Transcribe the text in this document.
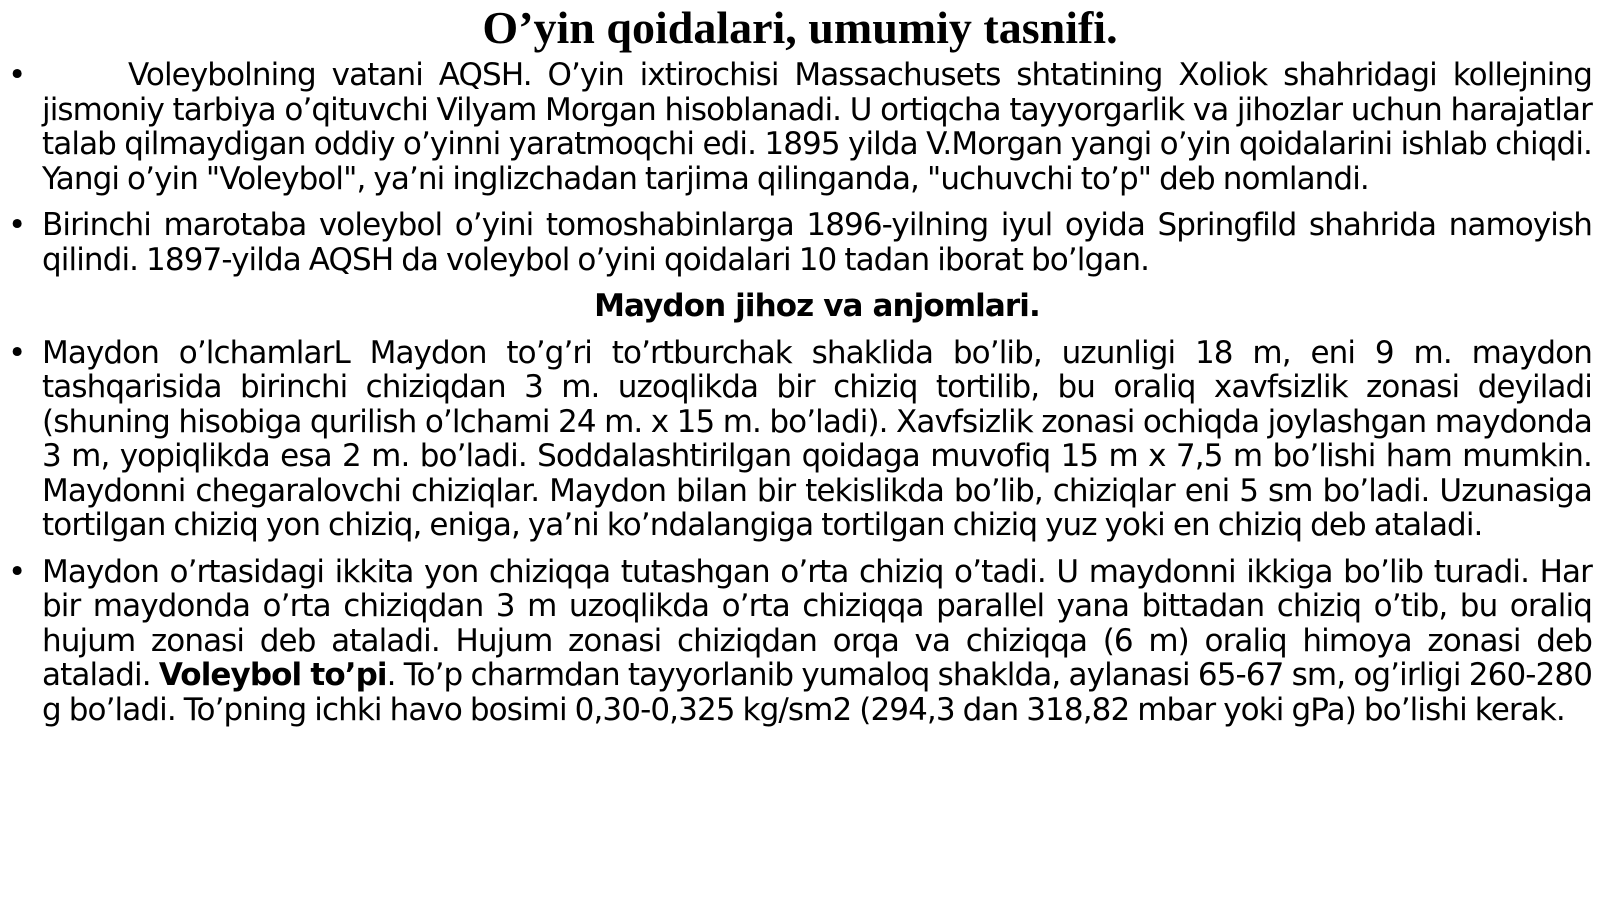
O’yin qoidalari, umumiy tasnifi.

•	Voleybolning vatani AQSH. O’yin ixtirochisi Massachusets shtatining Xoliok shahridagi kollejning jismoniy tarbiya o’qituvchi Vilyam Morgan hisoblanadi. U ortiqcha tayyorgarlik va jihozlar uchun harajatlar talab qilmaydigan oddiy o’yinni yaratmoqchi edi. 1895 yilda V.Morgan yangi o’yin qoidalarini ishlab chiqdi. Yangi o’yin "Voleybol", ya’ni inglizchadan tarjima qilinganda, "uchuvchi to’p" deb nomlandi.

• Birinchi marotaba voleybol o’yini tomoshabinlarga 1896-yilning iyul oyida Springfild shahrida namoyish qilindi. 1897-yilda AQSH da voleybol o’yini qoidalari 10 tadan iborat bo’lgan.

Maydon jihoz va anjomlari.

• Maydon o’lchamlarL Maydon to’g’ri to’rtburchak shaklida bo’lib, uzunligi 18 m, eni 9 m. maydon tashqarisida birinchi chiziqdan 3 m. uzoqlikda bir chiziq tortilib, bu oraliq xavfsizlik zonasi deyiladi (shuning hisobiga qurilish o’lchami 24 m. x 15 m. bo’ladi). Xavfsizlik zonasi ochiqda joylashgan maydonda 3 m, yopiqlikda esa 2 m. bo’ladi. Soddalashtirilgan qoidaga muvofiq 15 m x 7,5 m bo’lishi ham mumkin. Maydonni chegaralovchi chiziqlar. Maydon bilan bir tekislikda bo’lib, chiziqlar eni 5 sm bo’ladi. Uzunasiga tortilgan chiziq yon chiziq, eniga, ya’ni ko’ndalangiga tortilgan chiziq yuz yoki en chiziq deb ataladi.

• Maydon o’rtasidagi ikkita yon chiziqqa tutashgan o’rta chiziq o’tadi. U maydonni ikkiga bo’lib turadi. Har bir maydonda o’rta chiziqdan 3 m uzoqlikda o’rta chiziqqa parallel yana bittadan chiziq o’tib, bu oraliq hujum zonasi deb ataladi. Hujum zonasi chiziqdan orqa va chiziqqa (6 m) oraliq himoya zonasi deb ataladi. Voleybol to’pi. To’p charmdan tayyorlanib yumaloq shaklda, aylanasi 65-67 sm, og’irligi 260-280 g bo’ladi. To’pning ichki havo bosimi 0,30-0,325 kg/sm2 (294,3 dan 318,82 mbar yoki gPa) bo’lishi kerak.
